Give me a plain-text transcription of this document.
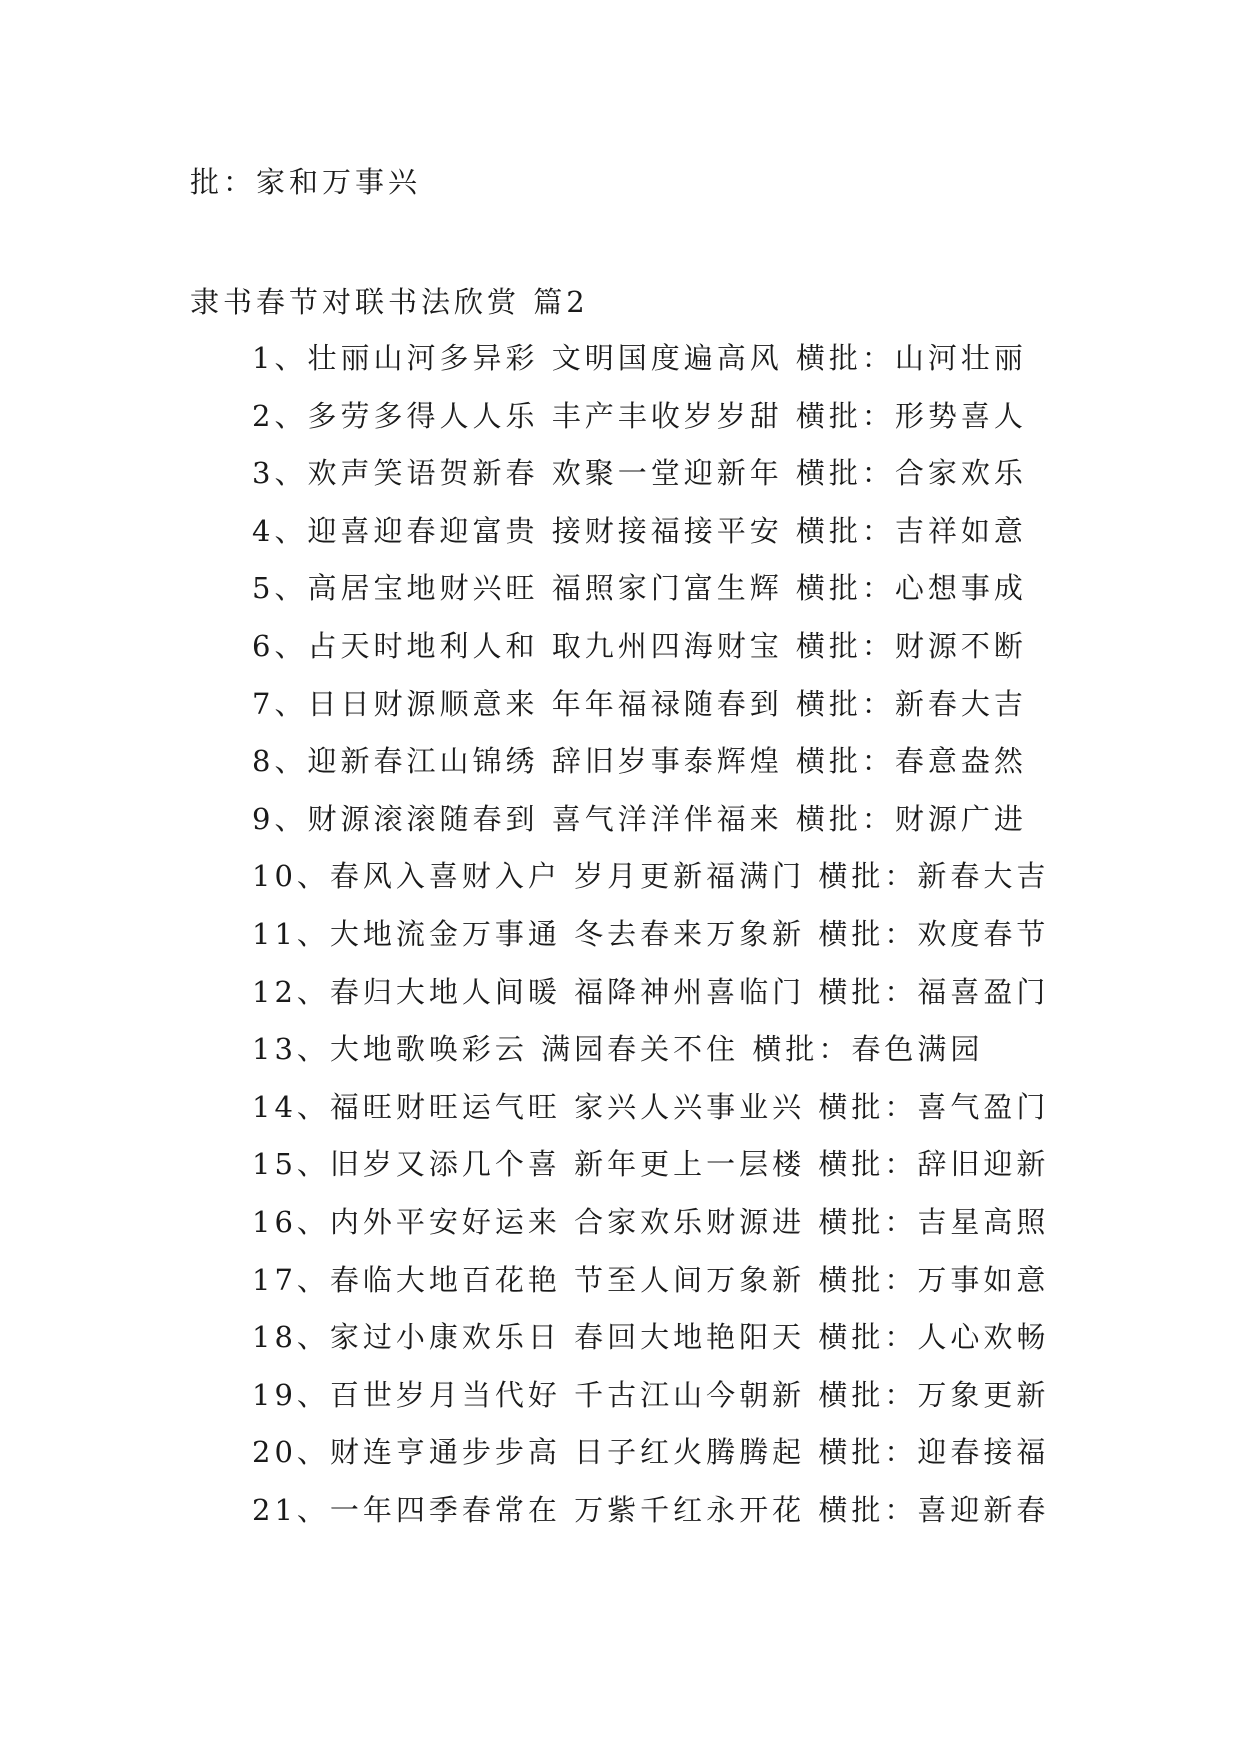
批：家和万事兴
隶书春节对联书法欣赏 篇2
1、壮丽山河多异彩 文明国度遍高风 横批：山河壮丽
2、多劳多得人人乐 丰产丰收岁岁甜 横批：形势喜人
3、欢声笑语贺新春 欢聚一堂迎新年 横批：合家欢乐
4、迎喜迎春迎富贵 接财接福接平安 横批：吉祥如意
5、高居宝地财兴旺 福照家门富生辉 横批：心想事成
6、占天时地利人和 取九州四海财宝 横批：财源不断
7、日日财源顺意来 年年福禄随春到 横批：新春大吉
8、迎新春江山锦绣 辞旧岁事泰辉煌 横批：春意盎然
9、财源滚滚随春到 喜气洋洋伴福来 横批：财源广进
10、春风入喜财入户 岁月更新福满门 横批：新春大吉
11、大地流金万事通 冬去春来万象新 横批：欢度春节
12、春归大地人间暖 福降神州喜临门 横批：福喜盈门
13、大地歌唤彩云 满园春关不住 横批：春色满园
14、福旺财旺运气旺 家兴人兴事业兴 横批：喜气盈门
15、旧岁又添几个喜 新年更上一层楼 横批：辞旧迎新
16、内外平安好运来 合家欢乐财源进 横批：吉星高照
17、春临大地百花艳 节至人间万象新 横批：万事如意
18、家过小康欢乐日 春回大地艳阳天 横批：人心欢畅
19、百世岁月当代好 千古江山今朝新 横批：万象更新
20、财连亨通步步高 日子红火腾腾起 横批：迎春接福
21、一年四季春常在 万紫千红永开花 横批：喜迎新春
